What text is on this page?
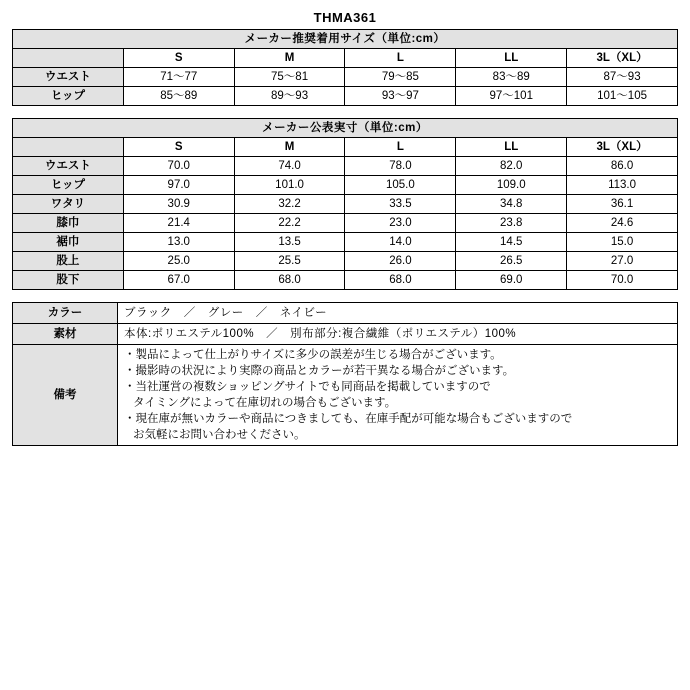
THMA361
メーカー推奨着用サイズ（単位:cm）					
	S	M	L	LL	3L（XL）
ウエスト	71〜77	75〜81	79〜85	83〜89	87〜93
ヒップ	85〜89	89〜93	93〜97	97〜101	101〜105
メーカー公表実寸（単位:cm）					
	S	M	L	LL	3L（XL）
ウエスト	70.0	74.0	78.0	82.0	86.0
ヒップ	97.0	101.0	105.0	109.0	113.0
ワタリ	30.9	32.2	33.5	34.8	36.1
膝巾	21.4	22.2	23.0	23.8	24.6
裾巾	13.0	13.5	14.0	14.5	15.0
股上	25.0	25.5	26.0	26.5	27.0
股下	67.0	68.0	68.0	69.0	70.0
カラー	ブラック　／　グレー　／　ネイビー
素材	本体:ポリエステル100%　／　別布部分:複合繊維（ポリエステル）100%
備考	・製品によって仕上がりサイズに多少の誤差が生じる場合がございます。
・撮影時の状況により実際の商品とカラーが若干異なる場合がございます。
・当社運営の複数ショッピングサイトでも同商品を掲載していますので

タイミングによって在庫切れの場合もございます。
・現在庫が無いカラーや商品につきましても、在庫手配が可能な場合もございますので

お気軽にお問い合わせください。
